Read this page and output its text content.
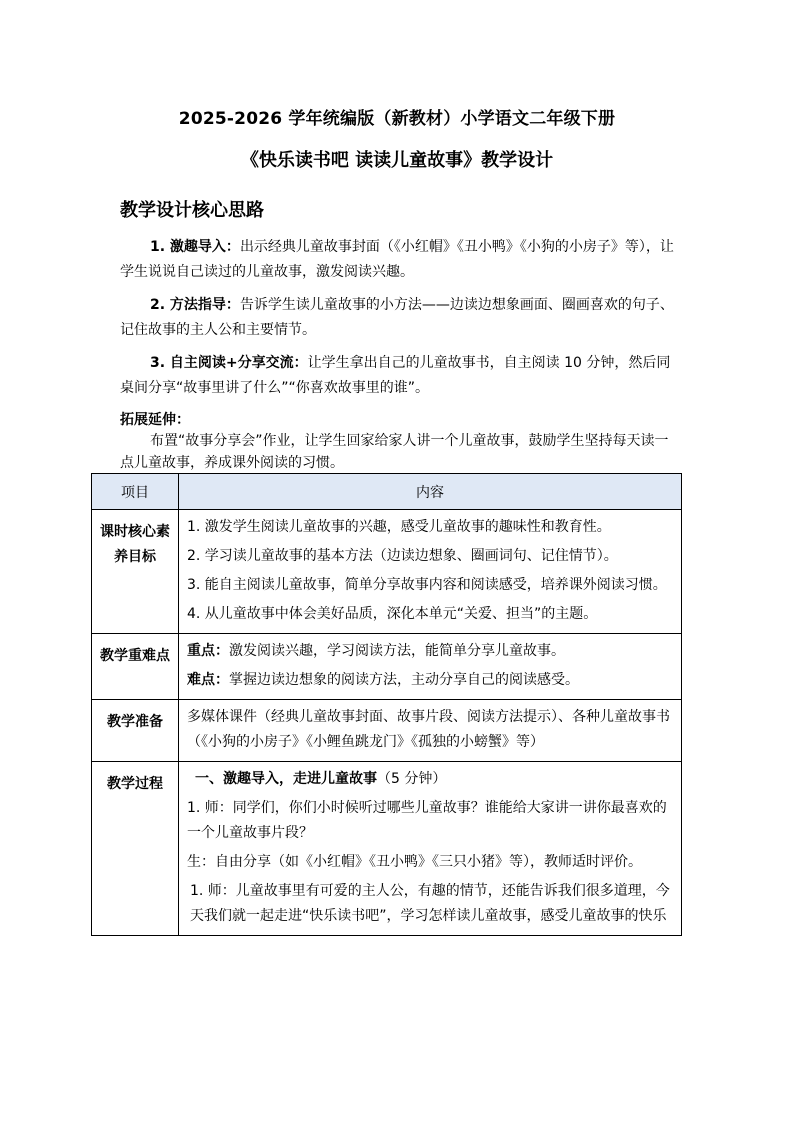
2025-2026 学年统编版（新教材）小学语文二年级下册
《快乐读书吧 读读儿童故事》教学设计
教学设计核心思路
1. 激趣导入：出示经典儿童故事封面（《小红帽》《丑小鸭》《小狗的小房子》等），让学生说说自己读过的儿童故事，激发阅读兴趣。
2. 方法指导：告诉学生读儿童故事的小方法——边读边想象画面、圈画喜欢的句子、记住故事的主人公和主要情节。
3. 自主阅读+分享交流：让学生拿出自己的儿童故事书，自主阅读 10 分钟，然后同桌间分享“故事里讲了什么”“你喜欢故事里的谁”。
拓展延伸：
布置“故事分享会”作业，让学生回家给家人讲一个儿童故事，鼓励学生坚持每天读一点儿童故事，养成课外阅读的习惯。
项目	内容
课时核心素养目标	1. 激发学生阅读儿童故事的兴趣，感受儿童故事的趣味性和教育性。
2. 学习读儿童故事的基本方法（边读边想象、圈画词句、记住情节）。
3. 能自主阅读儿童故事，简单分享故事内容和阅读感受，培养课外阅读习惯。
4. 从儿童故事中体会美好品质，深化本单元“关爱、担当”的主题。

教学重难点	重点：激发阅读兴趣，学习阅读方法，能简单分享儿童故事。
难点：掌握边读边想象的阅读方法，主动分享自己的阅读感受。

教学准备	多媒体课件（经典儿童故事封面、故事片段、阅读方法提示）、各种儿童故事书（《小狗的小房子》《小鲤鱼跳龙门》《孤独的小螃蟹》等）

教学过程	一、激趣导入，走进儿童故事（5 分钟）
1. 师：同学们，你们小时候听过哪些儿童故事？谁能给大家讲一讲你最喜欢的一个儿童故事片段？
生：自由分享（如《小红帽》《丑小鸭》《三只小猪》等），教师适时评价。
1. 师：儿童故事里有可爱的主人公，有趣的情节，还能告诉我们很多道理，今天我们就一起走进“快乐读书吧”，学习怎样读儿童故事，感受儿童故事的快乐
